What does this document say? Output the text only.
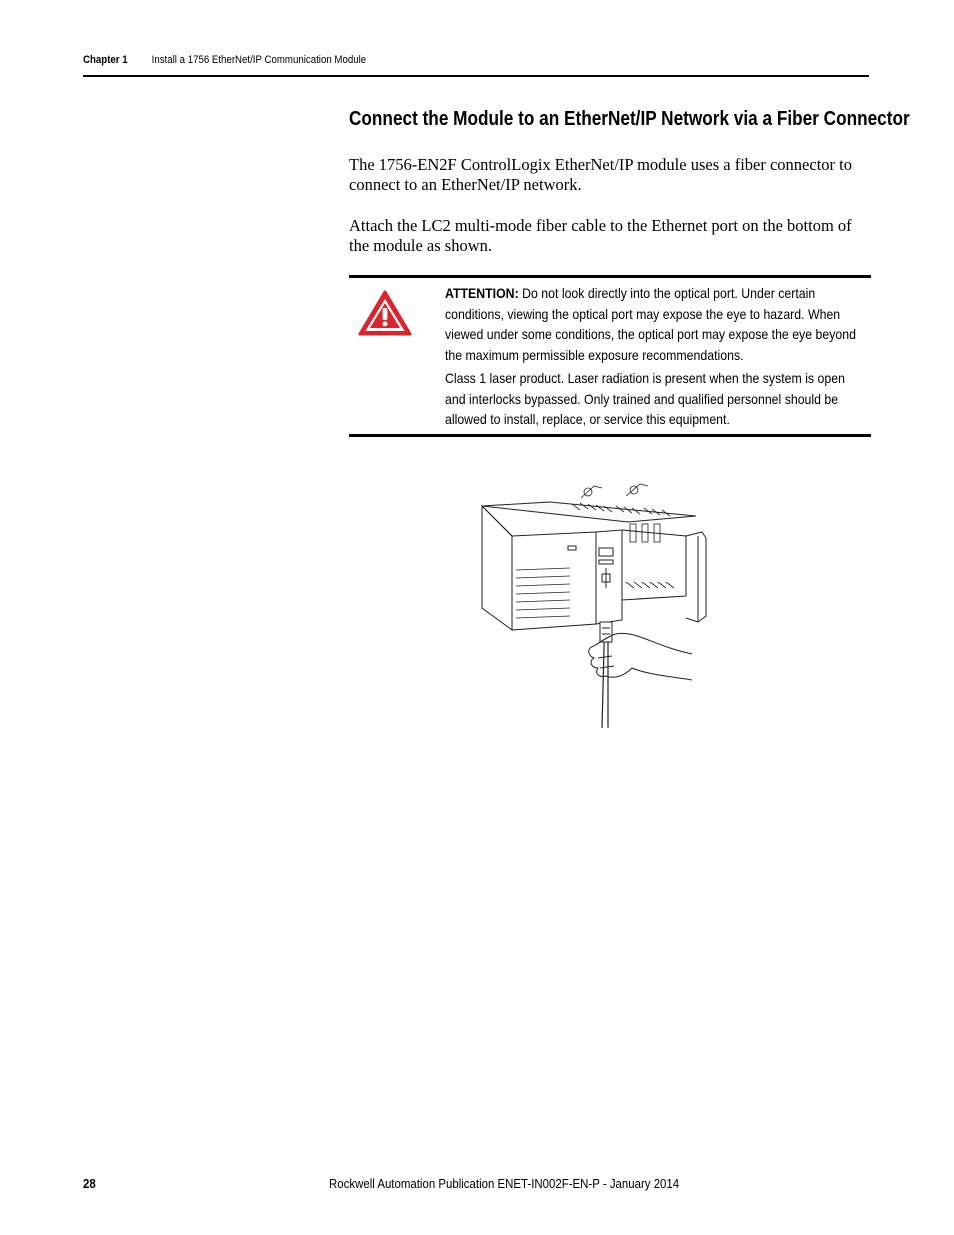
Chapter 1 Install a 1756 EtherNet/IP Communication Module
Connect the Module to an EtherNet/IP Network via a Fiber Connector
The 1756-EN2F ControlLogix EtherNet/IP module uses a fiber connector to connect to an EtherNet/IP network.
Attach the LC2 multi-mode fiber cable to the Ethernet port on the bottom of the module as shown.
ATTENTION: Do not look directly into the optical port. Under certain conditions, viewing the optical port may expose the eye to hazard. When viewed under some conditions, the optical port may expose the eye beyond the maximum permissible exposure recommendations.
Class 1 laser product. Laser radiation is present when the system is open and interlocks bypassed. Only trained and qualified personnel should be allowed to install, replace, or service this equipment.
28	Rockwell Automation Publication ENET-IN002F-EN-P - January 2014
